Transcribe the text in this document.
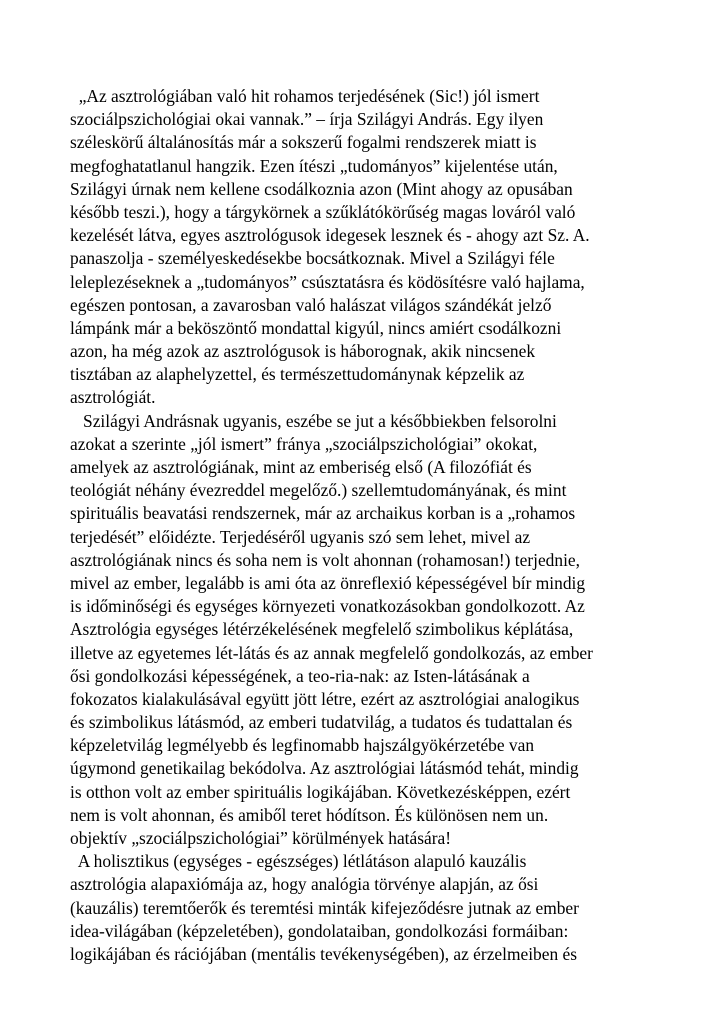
„Az asztrológiában való hit rohamos terjedésének (Sic!) jól ismert
szociálpszichológiai okai vannak.” – írja Szilágyi András. Egy ilyen
széleskörű általánosítás már a sokszerű fogalmi rendszerek miatt is
megfoghatatlanul hangzik. Ezen ítészi „tudományos” kijelentése után,
Szilágyi úrnak nem kellene csodálkoznia azon (Mint ahogy az opusában
később teszi.), hogy a tárgykörnek a szűklátókörűség magas lováról való
kezelését látva, egyes asztrológusok idegesek lesznek és - ahogy azt Sz. A.
panaszolja - személyeskedésekbe bocsátkoznak. Mivel a Szilágyi féle
leleplezéseknek a „tudományos” csúsztatásra és ködösítésre való hajlama,
egészen pontosan, a zavarosban való halászat világos szándékát jelző
lámpánk már a beköszöntő mondattal kigyúl, nincs amiért csodálkozni
azon, ha még azok az asztrológusok is háborognak, akik nincsenek
tisztában az alaphelyzettel, és természettudománynak képzelik az
asztrológiát.
Szilágyi Andrásnak ugyanis, eszébe se jut a későbbiekben felsorolni
azokat a szerinte „jól ismert” fránya „szociálpszichológiai” okokat,
amelyek az asztrológiának, mint az emberiség első (A filozófiát és
teológiát néhány évezreddel megelőző.) szellemtudományának, és mint
spirituális beavatási rendszernek, már az archaikus korban is a „rohamos
terjedését” előidézte. Terjedéséről ugyanis szó sem lehet, mivel az
asztrológiának nincs és soha nem is volt ahonnan (rohamosan!) terjednie,
mivel az ember, legalább is ami óta az önreflexió képességével bír mindig
is időminőségi és egységes környezeti vonatkozásokban gondolkozott. Az
Asztrológia egységes létérzékelésének megfelelő szimbolikus képlátása,
illetve az egyetemes lét-látás és az annak megfelelő gondolkozás, az ember
ősi gondolkozási képességének, a teo-ria-nak: az Isten-látásának a
fokozatos kialakulásával együtt jött létre, ezért az asztrológiai analogikus
és szimbolikus látásmód, az emberi tudatvilág, a tudatos és tudattalan és
képzeletvilág legmélyebb és legfinomabb hajszálgyökérzetébe van
úgymond genetikailag bekódolva. Az asztrológiai látásmód tehát, mindig
is otthon volt az ember spirituális logikájában. Következésképpen, ezért
nem is volt ahonnan, és amiből teret hódítson. És különösen nem un.
objektív „szociálpszichológiai” körülmények hatására!
A holisztikus (egységes - egészséges) létlátáson alapuló kauzális
asztrológia alapaxiómája az, hogy analógia törvénye alapján, az ősi
(kauzális) teremtőerők és teremtési minták kifejeződésre jutnak az ember
idea-világában (képzeletében), gondolataiban, gondolkozási formáiban:
logikájában és rációjában (mentális tevékenységében), az érzelmeiben és
